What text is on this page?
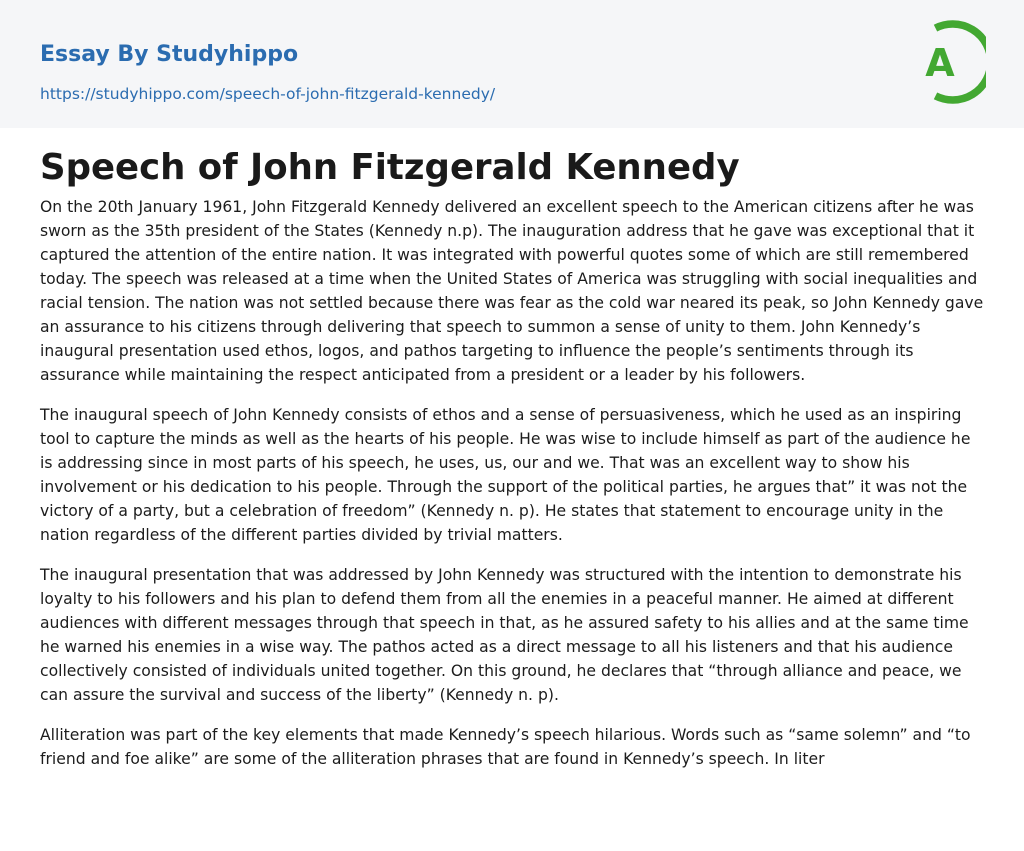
Essay By Studyhippo
https://studyhippo.com/speech-of-john-fitzgerald-kennedy/
A
Speech of John Fitzgerald Kennedy

On the 20th January 1961, John Fitzgerald Kennedy delivered an excellent speech to the American citizens after he was sworn as the 35th president of the States (Kennedy n.p). The inauguration address that he gave was exceptional that it captured the attention of the entire nation. It was integrated with powerful quotes some of which are still remembered today. The speech was released at a time when the United States of America was struggling with social inequalities and racial tension. The nation was not settled because there was fear as the cold war neared its peak, so John Kennedy gave an assurance to his citizens through delivering that speech to summon a sense of unity to them. John Kennedy’s inaugural presentation used ethos, logos, and pathos targeting to influence the people’s sentiments through its assurance while maintaining the respect anticipated from a president or a leader by his followers.

The inaugural speech of John Kennedy consists of ethos and a sense of persuasiveness, which he used as an inspiring tool to capture the minds as well as the hearts of his people. He was wise to include himself as part of the audience he is addressing since in most parts of his speech, he uses, us, our and we. That was an excellent way to show his involvement or his dedication to his people. Through the support of the political parties, he argues that” it was not the victory of a party, but a celebration of freedom” (Kennedy n. p). He states that statement to encourage unity in the nation regardless of the different parties divided by trivial matters.

The inaugural presentation that was addressed by John Kennedy was structured with the intention to demonstrate his loyalty to his followers and his plan to defend them from all the enemies in a peaceful manner. He aimed at different audiences with different messages through that speech in that, as he assured safety to his allies and at the same time he warned his enemies in a wise way. The pathos acted as a direct message to all his listeners and that his audience collectively consisted of individuals united together. On this ground, he declares that “through alliance and peace, we can assure the survival and success of the liberty” (Kennedy n. p).

Alliteration was part of the key elements that made Kennedy’s speech hilarious. Words such as “same solemn” and “to friend and foe alike” are some of the alliteration phrases that are found in Kennedy’s speech. In liter
